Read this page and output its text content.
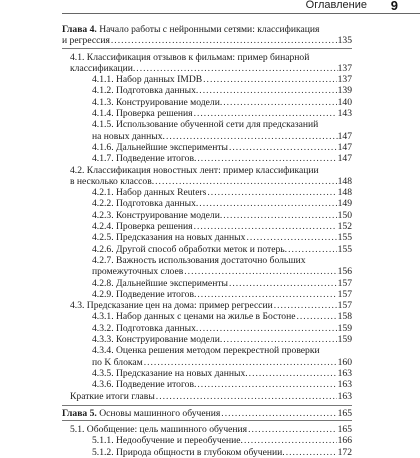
Оглавление 9
Глава 4. Начало работы с нейронными сетями: классификация
и регрессия .....	135
4.1. Классификация отзывов к фильмам: пример бинарной
классификации. .....	137
4.1.1. Набор данных IMDB .....	137
4.1.2. Подготовка данных. .....	139
4.1.3. Конструирование модели. .....	140
4.1.4. Проверка решения .....	143
4.1.5. Использование обученной сети для предсказаний
на новых данных. .....	147
4.1.6. Дальнейшие эксперименты .....	147
4.1.7. Подведение итогов. .....	147
4.2. Классификация новостных лент: пример классификации
в несколько классов. .....	148
4.2.1. Набор данных Reuters .....	148
4.2.2. Подготовка данных. .....	149
4.2.3. Конструирование модели. .....	150
4.2.4. Проверка решения .....	152
4.2.5. Предсказания на новых данных .....	155
4.2.6. Другой способ обработки меток и потерь. .....	155
4.2.7. Важность использования достаточно больших
промежуточных слоев .....	156
4.2.8. Дальнейшие эксперименты .....	157
4.2.9. Подведение итогов. .....	157
4.3. Предсказание цен на дома: пример регрессии .....	157
4.3.1. Набор данных с ценами на жилье в Бостоне .....	158
4.3.2. Подготовка данных. .....	159
4.3.3. Конструирование модели. .....	159
4.3.4. Оценка решения методом перекрестной проверки
по K блокам .....	160
4.3.5. Предсказание на новых данных. .....	163
4.3.6. Подведение итогов. .....	163
Краткие итоги главы .....	163
Глава 5. Основы машинного обучения .....	165
5.1. Обобщение: цель машинного обучения .....	165
5.1.1. Недообучение и переобучение. .....	166
5.1.2. Природа общности в глубоком обучении. .....	172
